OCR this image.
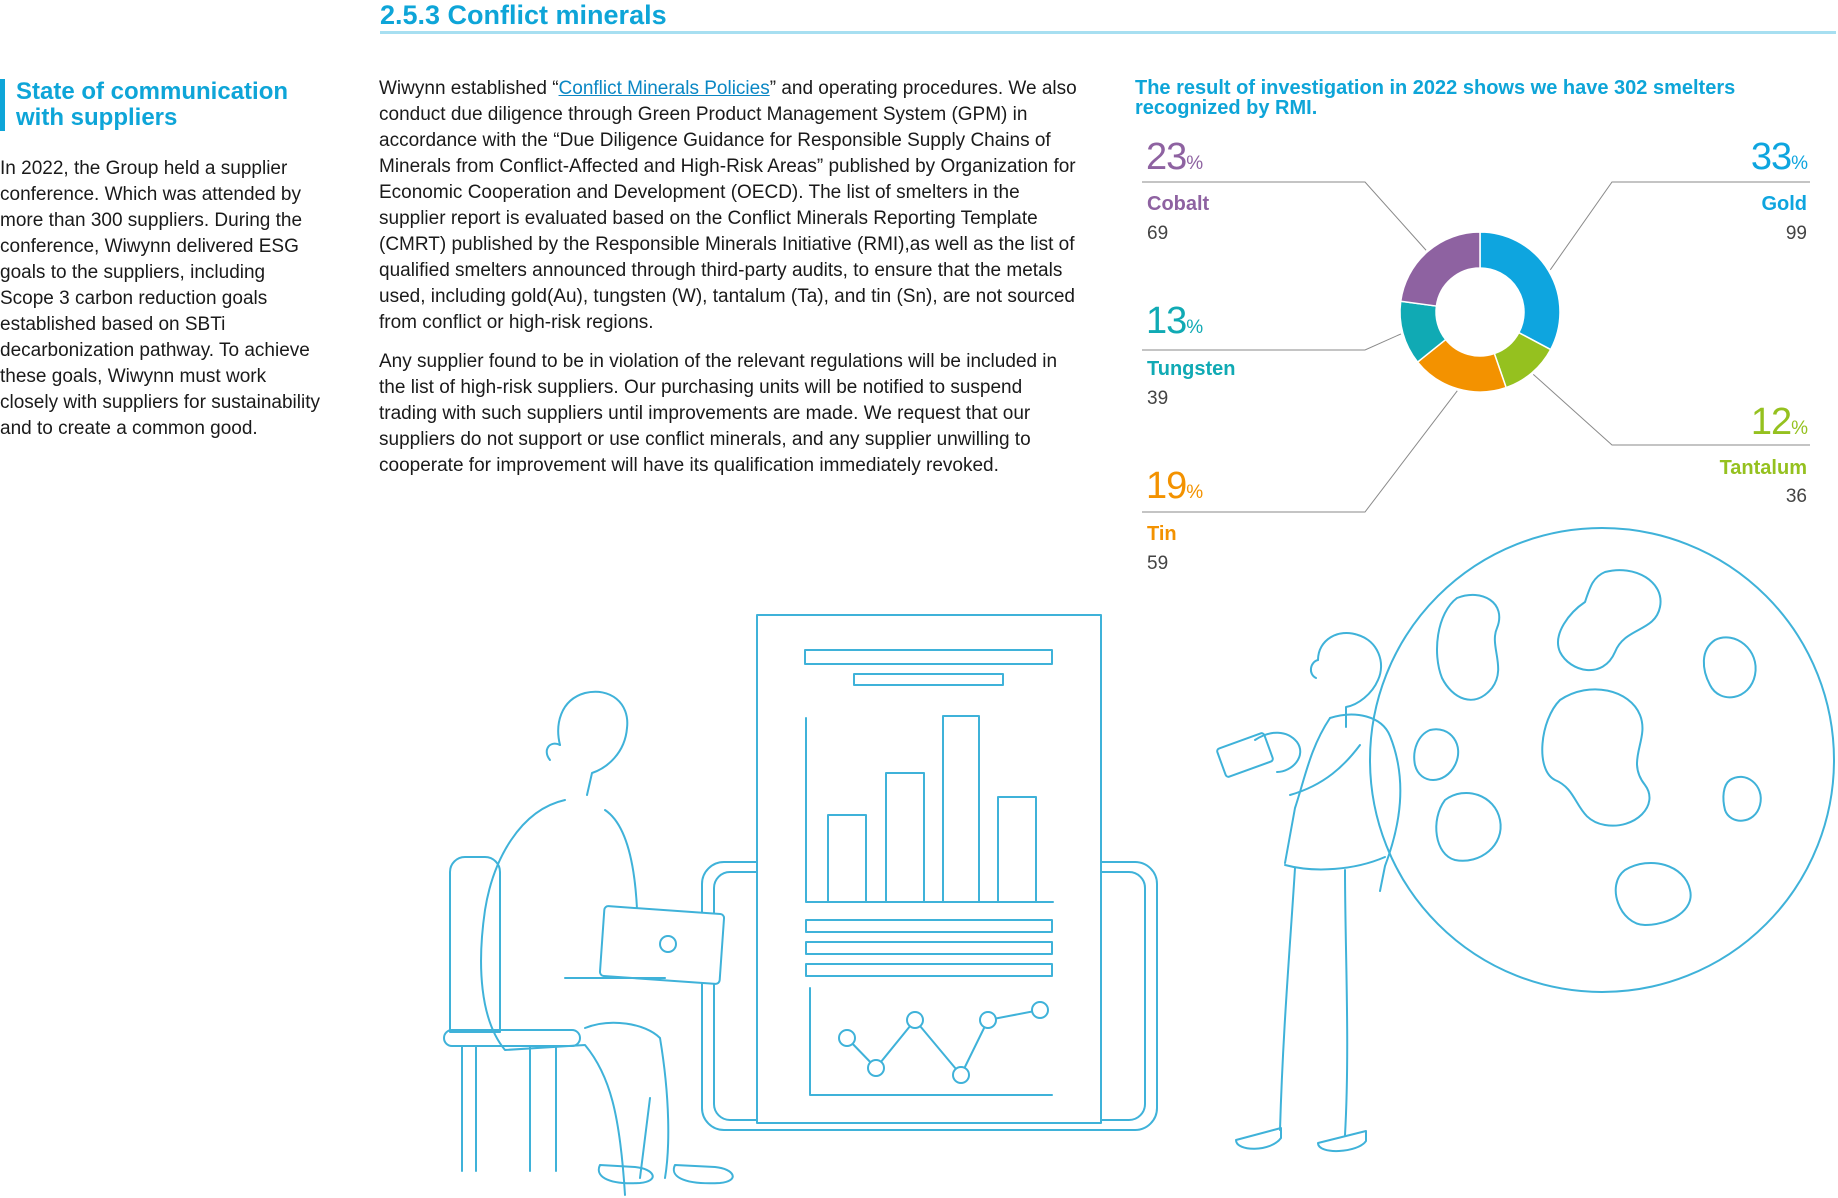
2.5.3 Conflict minerals
State of communication
with suppliers
In 2022, the Group held a supplier conference. Which was attended by more than 300 suppliers. During the conference, Wiwynn delivered ESG goals to the suppliers, including Scope 3 carbon reduction goals established based on SBTi decarbonization pathway. To achieve these goals, Wiwynn must work closely with suppliers for sustainability and to create a common good.

Wiwynn established “Conflict Minerals Policies” and operating procedures. We also conduct due diligence through Green Product Management System (GPM) in accordance with the “Due Diligence Guidance for Responsible Supply Chains of Minerals from Conflict-Affected and High-Risk Areas” published by Organization for Economic Cooperation and Development (OECD). The list of smelters in the supplier report is evaluated based on the Conflict Minerals Reporting Template (CMRT) published by the Responsible Minerals Initiative (RMI),as well as the list of qualified smelters announced through third-party audits, to ensure that the metals used, including gold(Au), tungsten (W), tantalum (Ta), and tin (Sn), are not sourced from conflict or high-risk regions.

Any supplier found to be in violation of the relevant regulations will be included in the list of high-risk suppliers. Our purchasing units will be notified to suspend trading with such suppliers until improvements are made. We request that our suppliers do not support or use conflict minerals, and any supplier unwilling to cooperate for improvement will have its qualification immediately revoked.

The result of investigation in 2022 shows we have 302 smelters
recognized by RMI.
33%
Gold
99
12%
Tantalum
36
19%
Tin
59
13%
Tungsten
39
23%
Cobalt
69
